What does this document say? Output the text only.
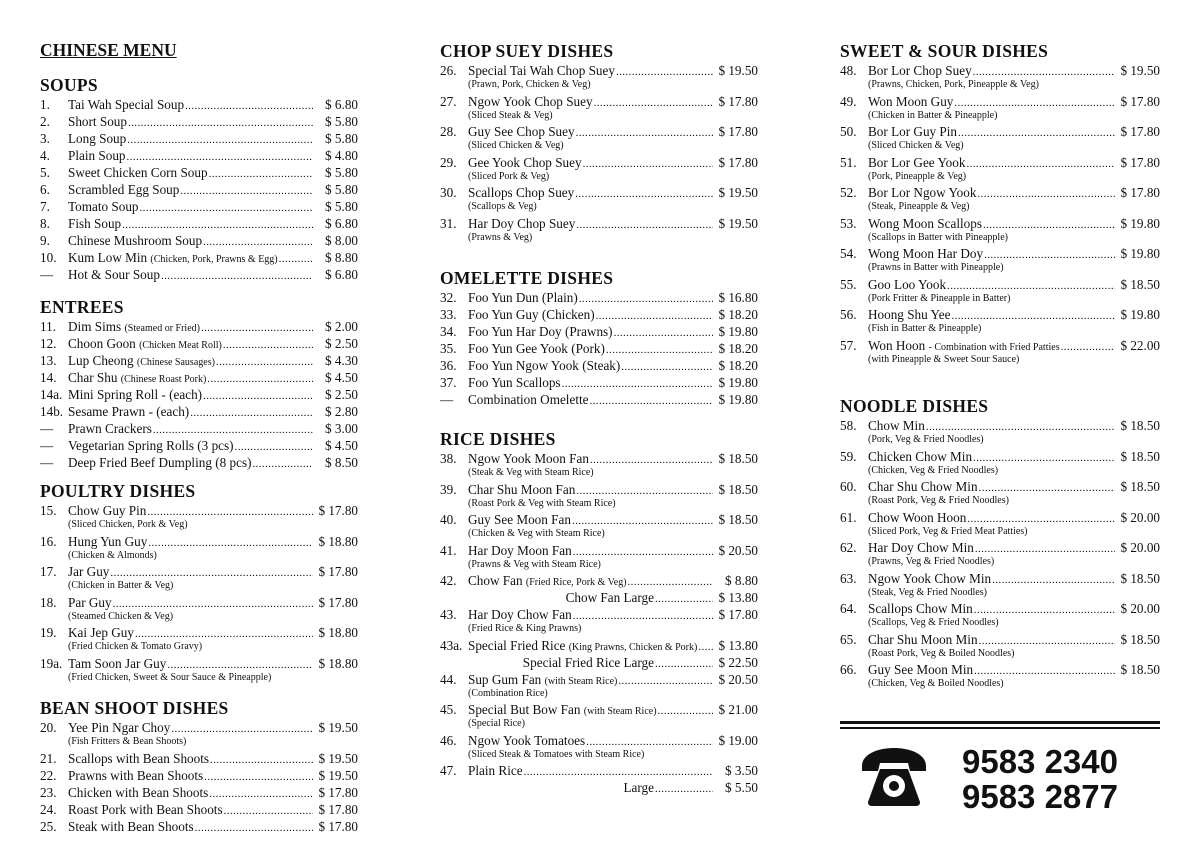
CHINESE MENU
SOUPS
1.	Tai Wah Special Soup .....	$ 6.80
2.	Short Soup .....	$ 5.80
3.	Long Soup .....	$ 5.80
4.	Plain Soup .....	$ 4.80
5.	Sweet Chicken Corn Soup .....	$ 5.80
6.	Scrambled Egg Soup .....	$ 5.80
7.	Tomato Soup .....	$ 5.80
8.	Fish Soup .....	$ 6.80
9.	Chinese Mushroom Soup .....	$ 8.00
10. Kum Low Min (Chicken, Pork, Prawns & Egg) .....	$ 8.80
—	Hot & Sour Soup .....	$ 6.80
ENTREES
11. Dim Sims (Steamed or Fried) .....	$ 2.00
12. Choon Goon (Chicken Meat Roll) .....	$ 2.50
13. Lup Cheong (Chinese Sausages) .....	$ 4.30
14. Char Shu (Chinese Roast Pork) .....	$ 4.50
14a. Mini Spring Roll - (each) .....	$ 2.50
14b. Sesame Prawn - (each) .....	$ 2.80
—	Prawn Crackers .....	$ 3.00
—	Vegetarian Spring Rolls (3 pcs) .....	$ 4.50
—	Deep Fried Beef Dumpling (8 pcs) .....	$ 8.50
POULTRY DISHES
15. Chow Guy Pin .....	$ 17.80
(Sliced Chicken, Pork & Veg)
16. Hung Yun Guy .....	$ 18.80
(Chicken & Almonds)
17. Jar Guy .....	$ 17.80
(Chicken in Batter & Veg)
18. Par Guy .....	$ 17.80
(Steamed Chicken & Veg)
19. Kai Jep Guy .....	$ 18.80
(Fried Chicken & Tomato Gravy)
19a. Tam Soon Jar Guy .....	$ 18.80
(Fried Chicken, Sweet & Sour Sauce & Pineapple)
BEAN SHOOT DISHES
20. Yee Pin Ngar Choy .....	$ 19.50
(Fish Fritters & Bean Shoots)
21. Scallops with Bean Shoots .....	$ 19.50
22. Prawns with Bean Shoots .....	$ 19.50
23. Chicken with Bean Shoots .....	$ 17.80
24. Roast Pork with Bean Shoots .....	$ 17.80
25. Steak with Bean Shoots .....	$ 17.80
CHOP SUEY DISHES
26. Special Tai Wah Chop Suey .....	$ 19.50
(Prawn, Pork, Chicken & Veg)
27. Ngow Yook Chop Suey .....	$ 17.80
(Sliced Steak & Veg)
28. Guy See Chop Suey .....	$ 17.80
(Sliced Chicken & Veg)
29. Gee Yook Chop Suey .....	$ 17.80
(Sliced Pork & Veg)
30. Scallops Chop Suey .....	$ 19.50
(Scallops & Veg)
31. Har Doy Chop Suey .....	$ 19.50
(Prawns & Veg)
OMELETTE DISHES
32. Foo Yun Dun (Plain) .....	$ 16.80
33. Foo Yun Guy (Chicken) .....	$ 18.20
34. Foo Yun Har Doy (Prawns) .....	$ 19.80
35. Foo Yun Gee Yook (Pork) .....	$ 18.20
36. Foo Yun Ngow Yook (Steak) .....	$ 18.20
37. Foo Yun Scallops .....	$ 19.80
—	Combination Omelette .....	$ 19.80
RICE DISHES
38. Ngow Yook Moon Fan .....	$ 18.50
(Steak & Veg with Steam Rice)
39. Char Shu Moon Fan .....	$ 18.50
(Roast Pork & Veg with Steam Rice)
40. Guy See Moon Fan .....	$ 18.50
(Chicken & Veg with Steam Rice)
41. Har Doy Moon Fan .....	$ 20.50
(Prawns & Veg with Steam Rice)
42. Chow Fan (Fried Rice, Pork & Veg) .....	$ 8.80
Chow Fan Large .....	$ 13.80
43. Har Doy Chow Fan .....	$ 17.80
(Fried Rice & King Prawns)
43a. Special Fried Rice (King Prawns, Chicken & Pork) .....	$ 13.80
Special Fried Rice Large .....	$ 22.50
44. Sup Gum Fan (with Steam Rice) .....	$ 20.50
(Combination Rice)
45. Special But Bow Fan (with Steam Rice) .....	$ 21.00
(Special Rice)
46. Ngow Yook Tomatoes .....	$ 19.00
(Sliced Steak & Tomatoes with Steam Rice)
47. Plain Rice .....	$ 3.50
Large .....	$ 5.50
SWEET & SOUR DISHES
48. Bor Lor Chop Suey .....	$ 19.50
(Prawns, Chicken, Pork, Pineapple & Veg)
49. Won Moon Guy .....	$ 17.80
(Chicken in Batter & Pineapple)
50. Bor Lor Guy Pin .....	$ 17.80
(Sliced Chicken & Veg)
51. Bor Lor Gee Yook .....	$ 17.80
(Pork, Pineapple & Veg)
52. Bor Lor Ngow Yook .....	$ 17.80
(Steak, Pineapple & Veg)
53. Wong Moon Scallops .....	$ 19.80
(Scallops in Batter with Pineapple)
54. Wong Moon Har Doy .....	$ 19.80
(Prawns in Batter with Pineapple)
55. Goo Loo Yook .....	$ 18.50
(Pork Fritter & Pineapple in Batter)
56. Hoong Shu Yee .....	$ 19.80
(Fish in Batter & Pineapple)
57. Won Hoon - Combination with Fried Patties .....	$ 22.00
(with Pineapple & Sweet Sour Sauce)
NOODLE DISHES
58. Chow Min .....	$ 18.50
(Pork, Veg & Fried Noodles)
59. Chicken Chow Min .....	$ 18.50
(Chicken, Veg & Fried Noodles)
60. Char Shu Chow Min .....	$ 18.50
(Roast Pork, Veg & Fried Noodles)
61. Chow Woon Hoon .....	$ 20.00
(Sliced Pork, Veg & Fried Meat Patties)
62. Har Doy Chow Min .....	$ 20.00
(Prawns, Veg & Fried Noodles)
63. Ngow Yook Chow Min .....	$ 18.50
(Steak, Veg & Fried Noodles)
64. Scallops Chow Min .....	$ 20.00
(Scallops, Veg & Fried Noodles)
65. Char Shu Moon Min .....	$ 18.50
(Roast Pork, Veg & Boiled Noodles)
66. Guy See Moon Min .....	$ 18.50
(Chicken, Veg & Boiled Noodles)
9583 2340
9583 2877
